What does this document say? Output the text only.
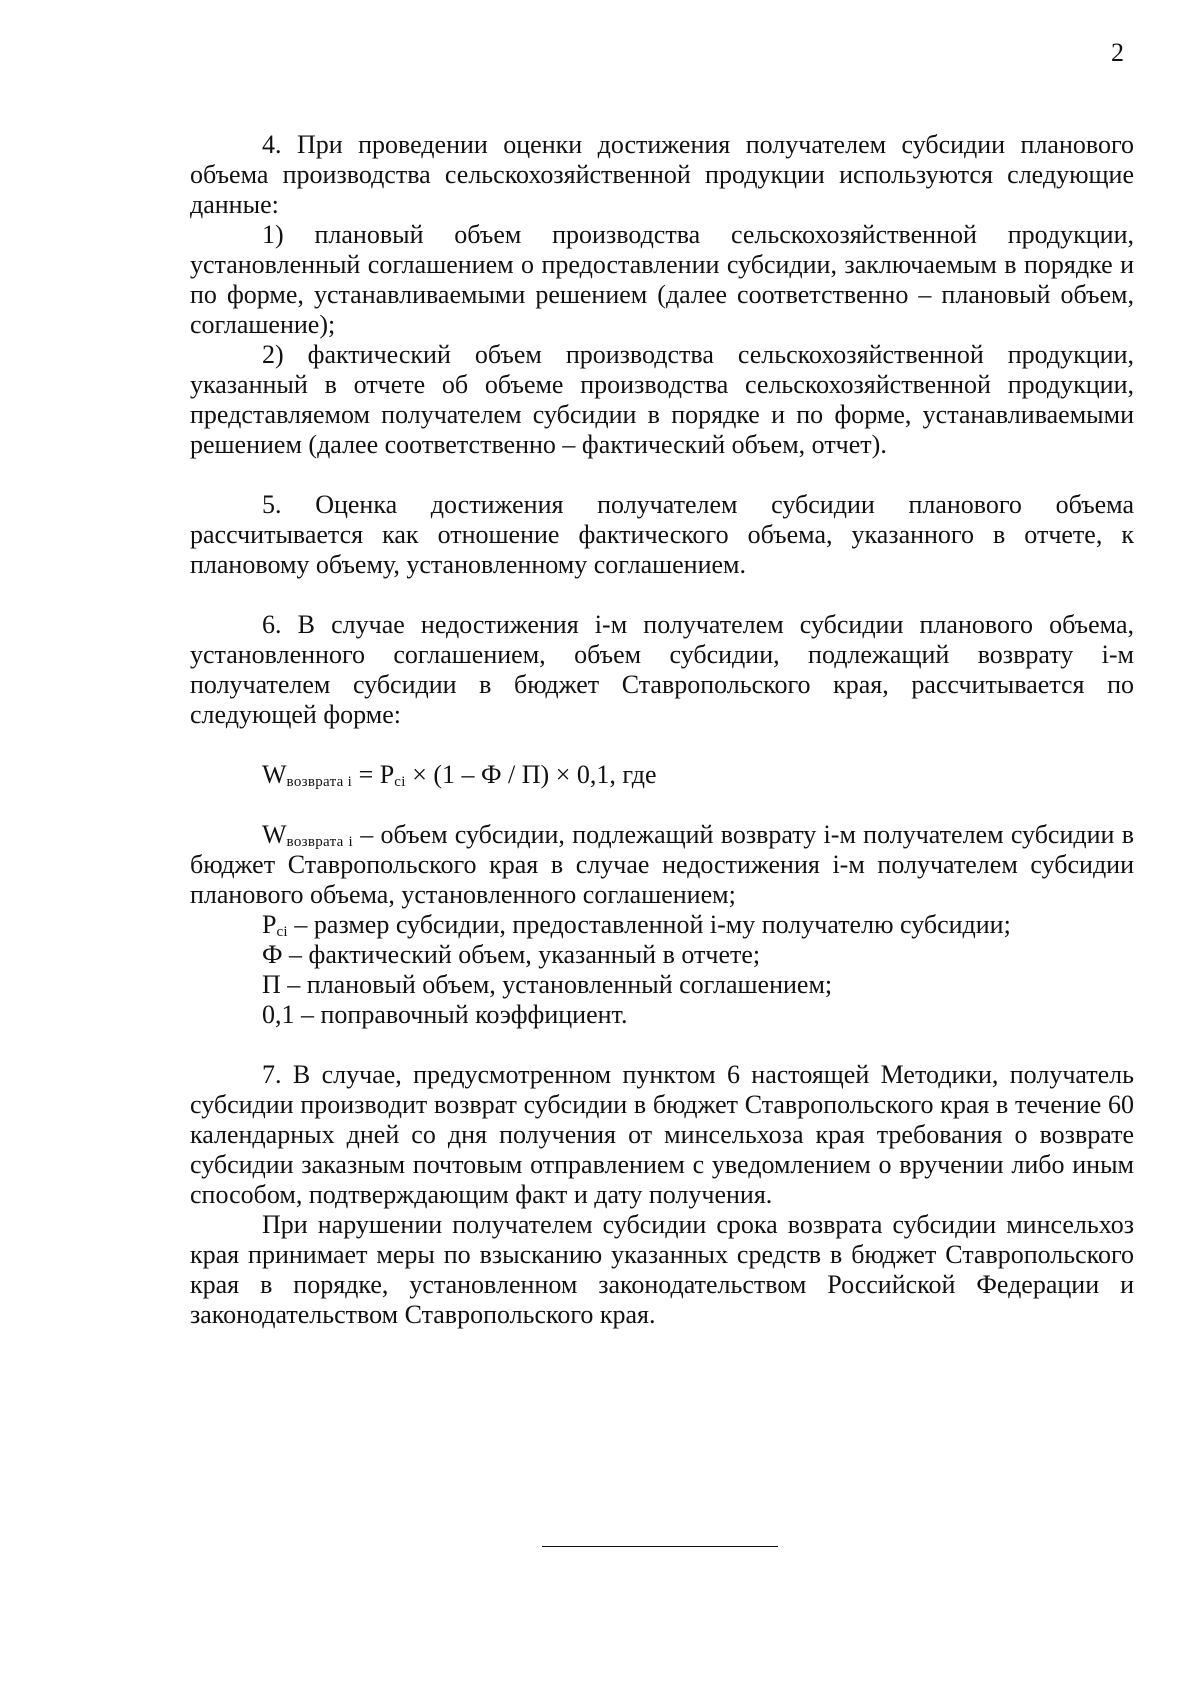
2

4. При проведении оценки достижения получателем субсидии планового объема производства сельскохозяйственной продукции используются следующие данные:

1) плановый объем производства сельскохозяйственной продукции, установленный соглашением о предоставлении субсидии, заключаемым в порядке и по форме, устанавливаемыми решением (далее соответственно – плановый объем, соглашение);

2) фактический объем производства сельскохозяйственной продукции, указанный в отчете об объеме производства сельскохозяйственной продукции, представляемом получателем субсидии в порядке и по форме, устанавливаемыми решением (далее соответственно – фактический объем, отчет).

5. Оценка достижения получателем субсидии планового объема рассчитывается как отношение фактического объема, указанного в отчете, к плановому объему, установленному соглашением.

6. В случае недостижения i-м получателем субсидии планового объема, установленного соглашением, объем субсидии, подлежащий возврату i-м получателем субсидии в бюджет Ставропольского края, рассчитывается по следующей форме:

$W_{возврата i} = P_{ci} \times (1 - Ф / П) \times 0,1$, где

$W_{возврата i}$ – объем субсидии, подлежащий возврату i-м получателем субсидии в бюджет Ставропольского края в случае недостижения i-м получателем субсидии планового объема, установленного соглашением;

$P_{ci}$ – размер субсидии, предоставленной i-му получателю субсидии;

Ф – фактический объем, указанный в отчете;

П – плановый объем, установленный соглашением;

0,1 – поправочный коэффициент.

7. В случае, предусмотренном пунктом 6 настоящей Методики, получатель субсидии производит возврат субсидии в бюджет Ставропольского края в течение 60 календарных дней со дня получения от минсельхоза края требования о возврате субсидии заказным почтовым отправлением с уведомлением о вручении либо иным способом, подтверждающим факт и дату получения.

При нарушении получателем субсидии срока возврата субсидии минсельхоз края принимает меры по взысканию указанных средств в бюджет Ставропольского края в порядке, установленном законодательством Российской Федерации и законодательством Ставропольского края.
